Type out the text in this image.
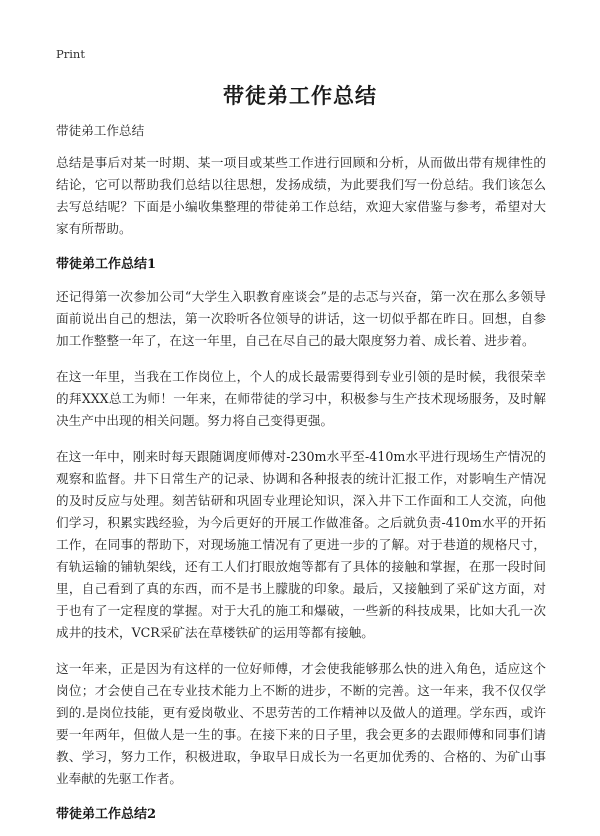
Print
带徒弟工作总结

带徒弟工作总结

总结是事后对某一时期、某一项目或某些工作进行回顾和分析，从而做出带有规律性的结论，它可以帮助我们总结以往思想，发扬成绩，为此要我们写一份总结。我们该怎么去写总结呢？下面是小编收集整理的带徒弟工作总结，欢迎大家借鉴与参考，希望对大家有所帮助。

带徒弟工作总结1

还记得第一次参加公司“大学生入职教育座谈会”是的忐忑与兴奋，第一次在那么多领导面前说出自己的想法，第一次聆听各位领导的讲话，这一切似乎都在昨日。回想，自参加工作整整一年了，在这一年里，自己在尽自己的最大限度努力着、成长着、进步着。

在这一年里，当我在工作岗位上，个人的成长最需要得到专业引领的是时候，我很荣幸的拜XXX总工为师！一年来，在师带徒的学习中，积极参与生产技术现场服务，及时解决生产中出现的相关问题。努力将自己变得更强。

在这一年中，刚来时每天跟随调度师傅对-230m水平至-410m水平进行现场生产情况的观察和监督。井下日常生产的记录、协调和各种报表的统计汇报工作，对影响生产情况的及时反应与处理。刻苦钻研和巩固专业理论知识，深入井下工作面和工人交流，向他们学习，积累实践经验，为今后更好的开展工作做准备。之后就负责-410m水平的开拓工作，在同事的帮助下，对现场施工情况有了更进一步的了解。对于巷道的规格尺寸，有轨运输的铺轨架线，还有工人们打眼放炮等都有了具体的接触和掌握，在那一段时间里，自己看到了真的东西，而不是书上朦胧的印象。最后，又接触到了采矿这方面，对于也有了一定程度的掌握。对于大孔的施工和爆破，一些新的科技成果，比如大孔一次成井的技术，VCR采矿法在草楼铁矿的运用等都有接触。

这一年来，正是因为有这样的一位好师傅，才会使我能够那么快的进入角色，适应这个岗位；才会使自己在专业技术能力上不断的进步，不断的完善。这一年来，我不仅仅学到的.是岗位技能，更有爱岗敬业、不思劳苦的工作精神以及做人的道理。学东西，或许要一年两年，但做人是一生的事。在接下来的日子里，我会更多的去跟师傅和同事们请教、学习，努力工作，积极进取，争取早日成长为一名更加优秀的、合格的、为矿山事业奉献的先驱工作者。

带徒弟工作总结2
